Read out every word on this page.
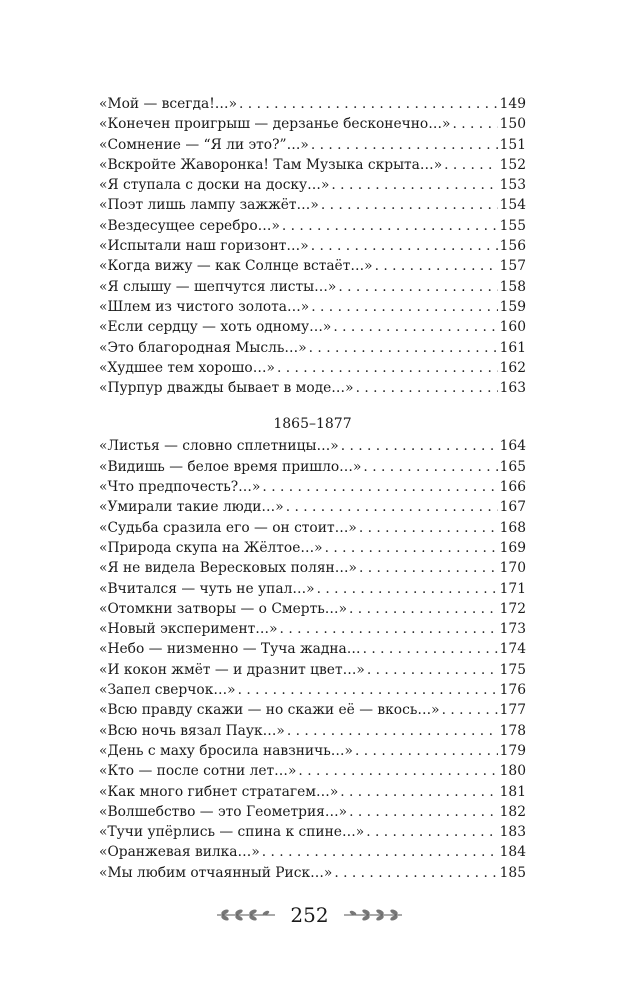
«Мой — всегда!…» . . .	149
«Конечен проигрыш — дерзанье бесконечно…» . . .	150
«Сомнение — “Я ли это?”…» . . .	151
«Вскройте Жаворонка! Там Музыка скрыта…» . . .	152
«Я ступала с доски на доску…» . . .	153
«Поэт лишь лампу зажжёт…» . . .	154
«Вездесущее серебро…» . . .	155
«Испытали наш горизонт…» . . .	156
«Когда вижу — как Солнце встаёт…» . . .	157
«Я слышу — шепчутся листы…» . . .	158
«Шлем из чистого золота…» . . .	159
«Если сердцу — хоть одному…» . . .	160
«Это благородная Мысль…» . . .	161
«Худшее тем хорошо…» . . .	162
«Пурпур дважды бывает в моде…» . . .	163
1865–1877
«Листья — словно сплетницы…» . . .	164
«Видишь — белое время пришло…» . . .	165
«Что предпочесть?…» . . .	166
«Умирали такие люди…» . . .	167
«Судьба сразила его — он стоит…» . . .	168
«Природа скупа на Жёлтое…» . . .	169
«Я не видела Вересковых полян…» . . .	170
«Вчитался — чуть не упал…» . . .	171
«Отомкни затворы — о Смерть…» . . .	172
«Новый эксперимент…» . . .	173
«Небо — низменно — Туча жадна… . . .	174
«И кокон жмёт — и дразнит цвет…» . . .	175
«Запел сверчок…» . . .	176
«Всю правду скажи — но скажи её — вкось…» . . .	177
«Всю ночь вязал Паук…» . . .	178
«День с маху бросила навзничь…» . . .	179
«Кто — после сотни лет…» . . .	180
«Как много гибнет стратагем…» . . .	181
«Волшебство — это Геометрия…» . . .	182
«Тучи упёрлись — спина к спине…» . . .	183
«Оранжевая вилка…» . . .	184
«Мы любим отчаянный Риск…» . . .	185
252
